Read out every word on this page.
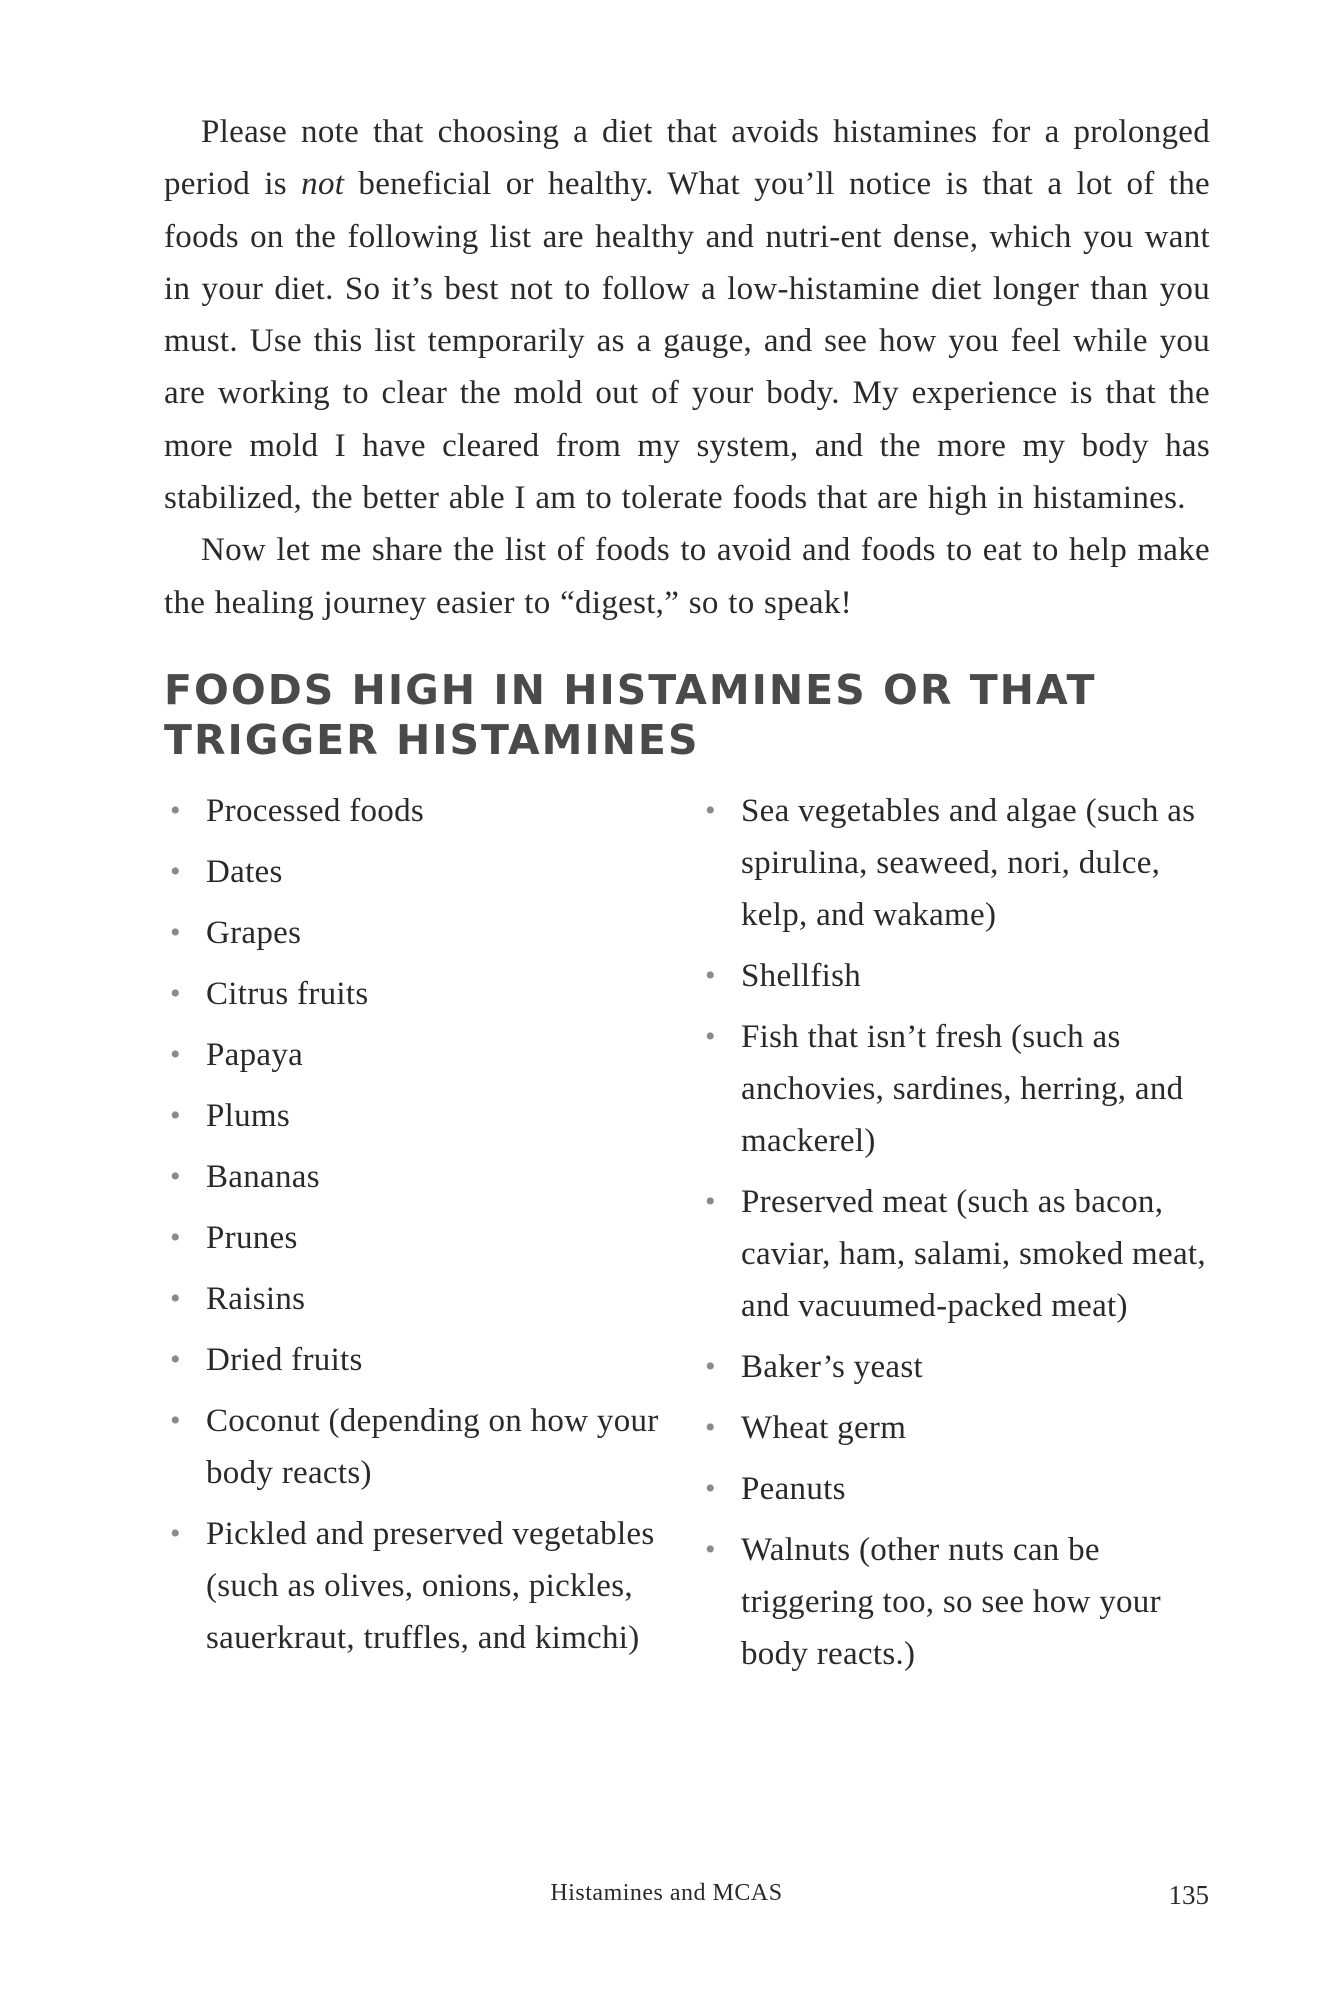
Please note that choosing a diet that avoids histamines for a prolonged period is not beneficial or healthy. What you’ll notice is that a lot of the foods on the following list are healthy and nutri-ent dense, which you want in your diet. So it’s best not to follow a low-histamine diet longer than you must. Use this list temporarily as a gauge, and see how you feel while you are working to clear the mold out of your body. My experience is that the more mold I have cleared from my system, and the more my body has stabilized, the better able I am to tolerate foods that are high in histamines.

Now let me share the list of foods to avoid and foods to eat to help make the healing journey easier to “digest,” so to speak!

FOODS HIGH IN HISTAMINES OR THAT TRIGGER HISTAMINES
• Processed foods
• Dates
• Grapes
• Citrus fruits
• Papaya
• Plums
• Bananas
• Prunes
• Raisins
• Dried fruits
• Coconut (depending on how your body reacts)
• Pickled and preserved vegetables (such as olives, onions, pickles, sauerkraut, truffles, and kimchi)
• Sea vegetables and algae (such as spirulina, seaweed, nori, dulce, kelp, and wakame)
• Shellfish
• Fish that isn’t fresh (such as anchovies, sardines, herring, and mackerel)
• Preserved meat (such as bacon, caviar, ham, salami, smoked meat, and vacuumed-packed meat)
• Baker’s yeast
• Wheat germ
• Peanuts
• Walnuts (other nuts can be triggering too, so see how your body reacts.)
Histamines and MCAS	135
